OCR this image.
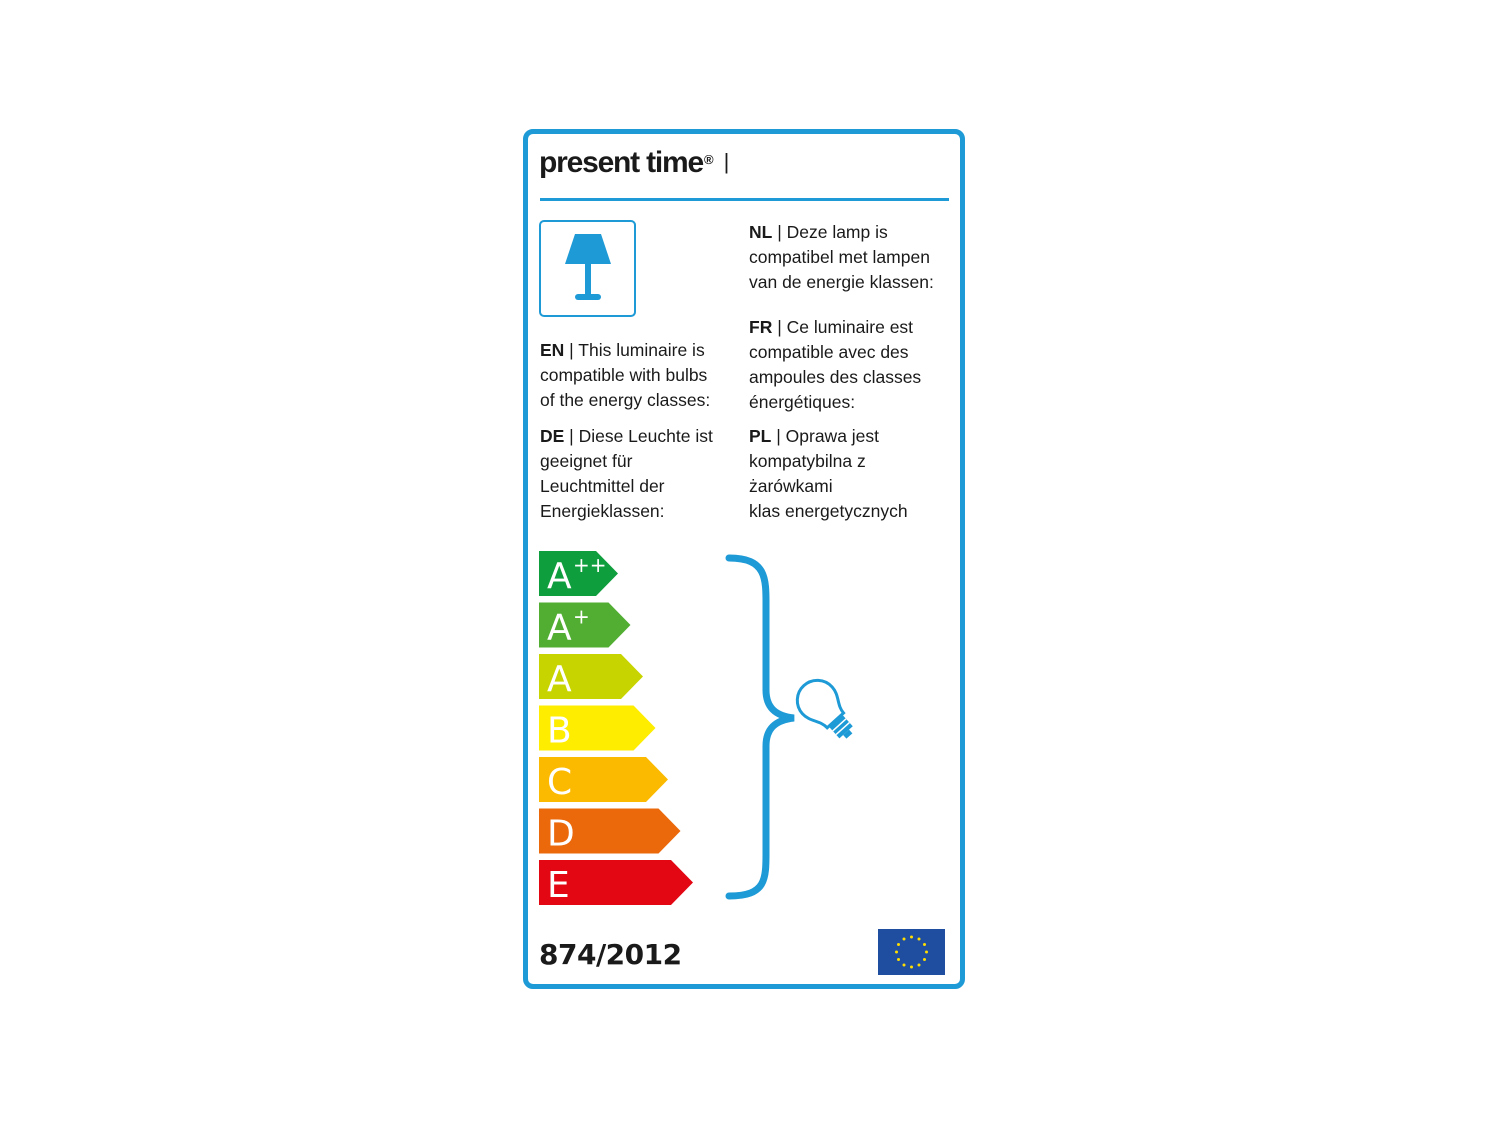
present time® |
NL | Deze lamp is
compatibel met lampen
van de energie klassen:
FR | Ce luminaire est
compatible avec des
ampoules des classes
énergétiques:
EN | This luminaire is
compatible with bulbs
of the energy classes:
DE | Diese Leuchte ist
geeignet für
Leuchtmittel der
Energieklassen:
PL | Oprawa jest
kompatybilna z
żarówkami
klas energetycznych
A ++
A +
A
B
C
D
E
874/2012
